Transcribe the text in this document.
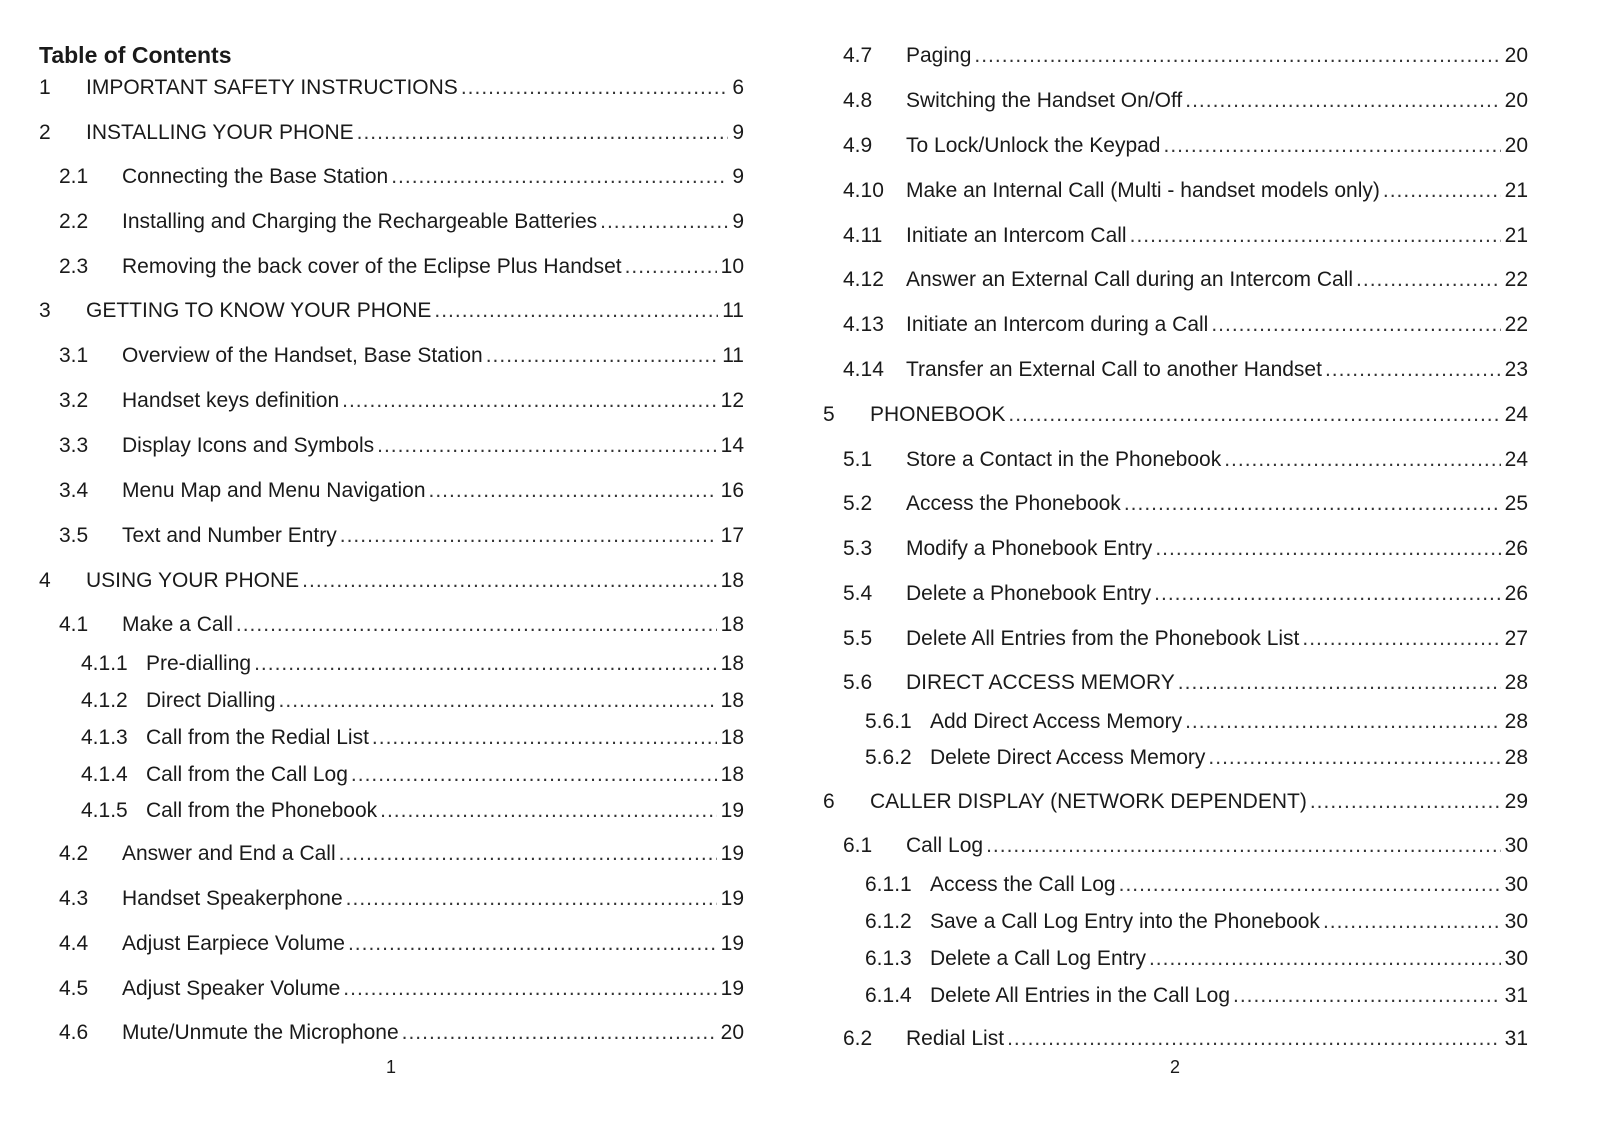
Table of Contents
1	IMPORTANT SAFETY INSTRUCTIONS .....	6
2	INSTALLING YOUR PHONE .....	9
2.1	Connecting the Base Station .....	9
2.2	Installing and Charging the Rechargeable Batteries .....	9
2.3	Removing the back cover of the Eclipse Plus Handset .....	10
3	GETTING TO KNOW YOUR PHONE .....	11
3.1	Overview of the Handset, Base Station .....	11
3.2	Handset keys definition .....	12
3.3	Display Icons and Symbols .....	14
3.4	Menu Map and Menu Navigation .....	16
3.5	Text and Number Entry .....	17
4	USING YOUR PHONE .....	18
4.1	Make a Call .....	18
4.1.1 Pre-dialling .....	18
4.1.2 Direct Dialling .....	18
4.1.3 Call from the Redial List .....	18
4.1.4 Call from the Call Log .....	18
4.1.5 Call from the Phonebook .....	19
4.2	Answer and End a Call .....	19
4.3	Handset Speakerphone .....	19
4.4	Adjust Earpiece Volume .....	19
4.5	Adjust Speaker Volume .....	19
4.6	Mute/Unmute the Microphone .....	20
1
4.7	Paging .....	20
4.8	Switching the Handset On/Off .....	20
4.9	To Lock/Unlock the Keypad .....	20
4.10	Make an Internal Call (Multi - handset models only) .....	21
4.11	Initiate an Intercom Call .....	21
4.12	Answer an External Call during an Intercom Call .....	22
4.13	Initiate an Intercom during a Call .....	22
4.14	Transfer an External Call to another Handset .....	23
5	PHONEBOOK .....	24
5.1	Store a Contact in the Phonebook .....	24
5.2	Access the Phonebook .....	25
5.3	Modify a Phonebook Entry .....	26
5.4	Delete a Phonebook Entry .....	26
5.5	Delete All Entries from the Phonebook List .....	27
5.6	DIRECT ACCESS MEMORY .....	28
5.6.1 Add Direct Access Memory .....	28
5.6.2 Delete Direct Access Memory .....	28
6	CALLER DISPLAY (NETWORK DEPENDENT) .....	29
6.1	Call Log .....	30
6.1.1 Access the Call Log .....	30
6.1.2 Save a Call Log Entry into the Phonebook .....	30
6.1.3 Delete a Call Log Entry .....	30
6.1.4 Delete All Entries in the Call Log .....	31
6.2	Redial List .....	31
2
